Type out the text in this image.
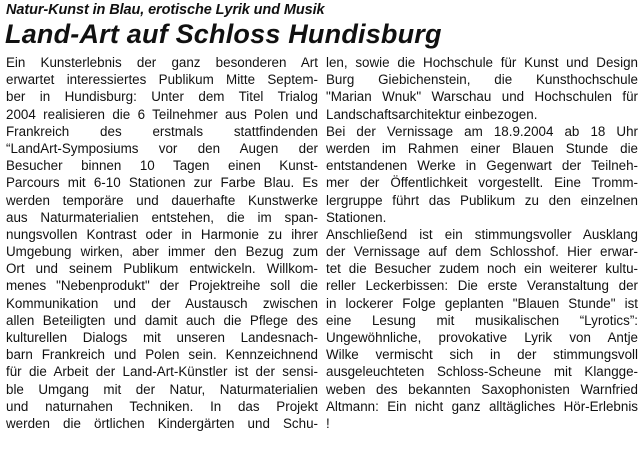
Natur-Kunst in Blau, erotische Lyrik und Musik
Land-Art auf Schloss Hundisburg
Ein Kunsterlebnis der ganz besonderen Art
erwartet interessiertes Publikum Mitte Septem-
ber in Hundisburg: Unter dem Titel Trialog
2004 realisieren die 6 Teilnehmer aus Polen und
Frankreich des erstmals stattfindenden
“LandArt-Symposiums vor den Augen der
Besucher binnen 10 Tagen einen Kunst-
Parcours mit 6-10 Stationen zur Farbe Blau. Es
werden temporäre und dauerhafte Kunstwerke
aus Naturmaterialien entstehen, die im span-
nungsvollen Kontrast oder in Harmonie zu ihrer
Umgebung wirken, aber immer den Bezug zum
Ort und seinem Publikum entwickeln. Willkom-
menes "Nebenprodukt" der Projektreihe soll die
Kommunikation und der Austausch zwischen
allen Beteiligten und damit auch die Pflege des
kulturellen Dialogs mit unseren Landesnach-
barn Frankreich und Polen sein. Kennzeichnend
für die Arbeit der Land-Art-Künstler ist der sensi-
ble Umgang mit der Natur, Naturmaterialien
und naturnahen Techniken. In das Projekt
werden die örtlichen Kindergärten und Schu-
len, sowie die Hochschule für Kunst und Design
Burg Giebichenstein, die Kunsthochschule
"Marian Wnuk" Warschau und Hochschulen für
Landschaftsarchitektur einbezogen.
Bei der Vernissage am 18.9.2004 ab 18 Uhr
werden im Rahmen einer Blauen Stunde die
entstandenen Werke in Gegenwart der Teilneh-
mer der Öffentlichkeit vorgestellt. Eine Tromm-
lergruppe führt das Publikum zu den einzelnen
Stationen.
Anschließend ist ein stimmungsvoller Ausklang
der Vernissage auf dem Schlosshof. Hier erwar-
tet die Besucher zudem noch ein weiterer kultu-
reller Leckerbissen: Die erste Veranstaltung der
in lockerer Folge geplanten "Blauen Stunde" ist
eine Lesung mit musikalischen “Lyrotics”:
Ungewöhnliche, provokative Lyrik von Antje
Wilke vermischt sich in der stimmungsvoll
ausgeleuchteten Schloss-Scheune mit Klangge-
weben des bekannten Saxophonisten Warnfried
Altmann: Ein nicht ganz alltägliches Hör-Erlebnis
!
